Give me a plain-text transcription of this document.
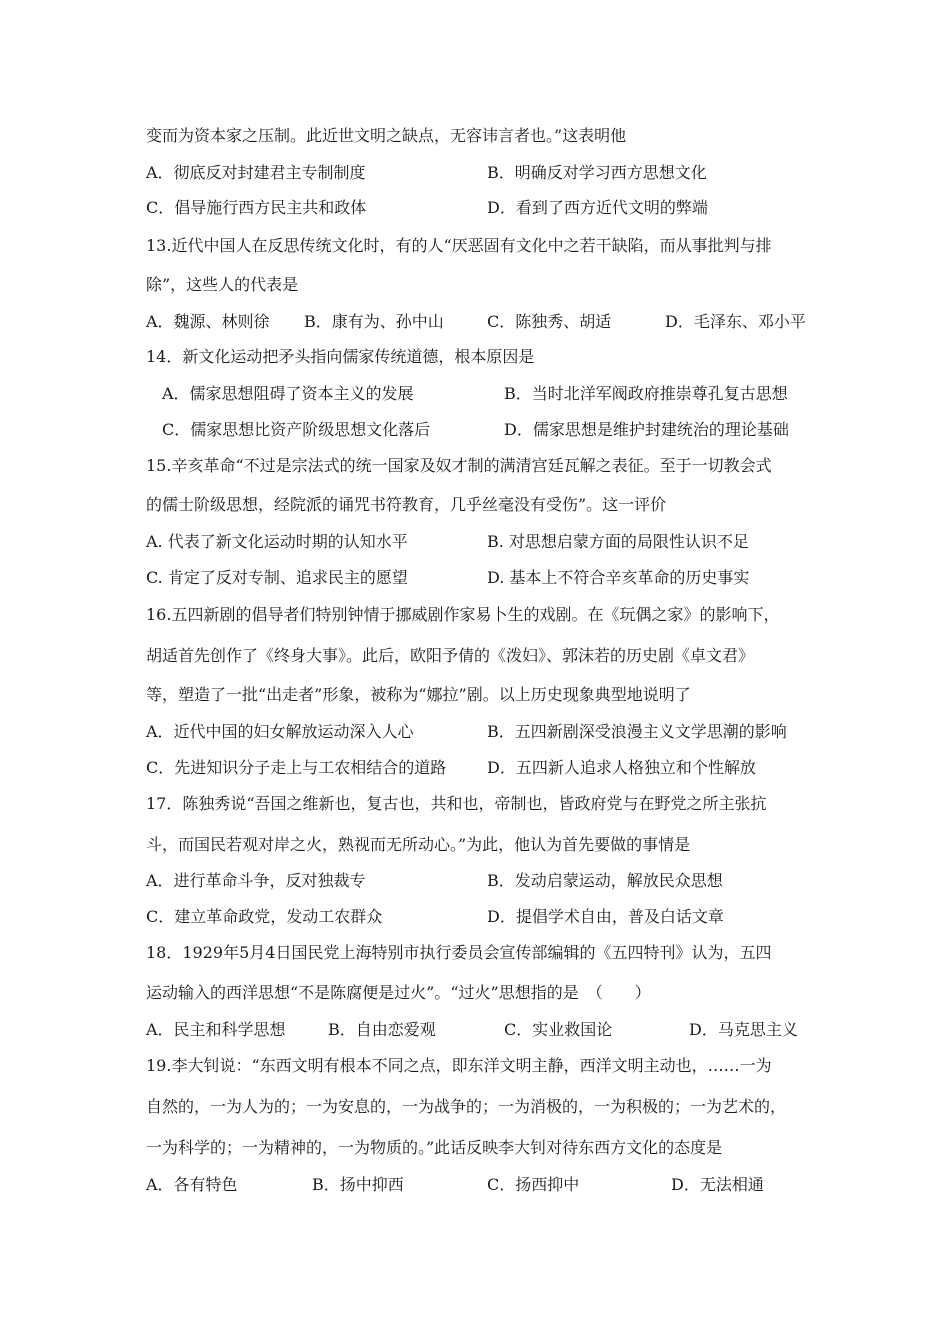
变而为资本家之压制。此近世文明之缺点，无容讳言者也。”这表明他
A．彻底反对封建君主专制制度	B．明确反对学习西方思想文化
C．倡导施行西方民主共和政体	D．看到了西方近代文明的弊端
13.近代中国人在反思传统文化时，有的人“厌恶固有文化中之若干缺陷，而从事批判与排
除”，这些人的代表是
A．魏源、林则徐 B．康有为、孙中山	C．陈独秀、胡适	D．毛泽东、邓小平
14．新文化运动把矛头指向儒家传统道德，根本原因是
A．儒家思想阻碍了资本主义的发展	B．当时北洋军阀政府推崇尊孔复古思想
C．儒家思想比资产阶级思想文化落后	D．儒家思想是维护封建统治的理论基础
15.辛亥革命“不过是宗法式的统一国家及奴才制的满清宫廷瓦解之表征。至于一切教会式
的儒士阶级思想，经院派的诵咒书符教育，几乎丝毫没有受伤”。这一评价
A. 代表了新文化运动时期的认知水平	B. 对思想启蒙方面的局限性认识不足
C. 肯定了反对专制、追求民主的愿望	D. 基本上不符合辛亥革命的历史事实
16.五四新剧的倡导者们特别钟情于挪威剧作家易卜生的戏剧。在《玩偶之家》的影响下，
胡适首先创作了《终身大事》。此后，欧阳予倩的《泼妇》、郭沫若的历史剧《卓文君》
等，塑造了一批“出走者”形象，被称为“娜拉”剧。以上历史现象典型地说明了
A．近代中国的妇女解放运动深入人心	B．五四新剧深受浪漫主义文学思潮的影响
C．先进知识分子走上与工农相结合的道路	D．五四新人追求人格独立和个性解放
17．陈独秀说“吾国之维新也，复古也，共和也，帝制也，皆政府党与在野党之所主张抗
斗，而国民若观对岸之火，熟视而无所动心。”为此，他认为首先要做的事情是
A．进行革命斗争，反对独裁专	B．发动启蒙运动，解放民众思想
C．建立革命政党，发动工农群众	D．提倡学术自由，普及白话文章
18．1929年5月4日国民党上海特别市执行委员会宣传部编辑的《五四特刊》认为，五四
运动输入的西洋思想“不是陈腐便是过火”。“过火”思想指的是　（　　）
A．民主和科学思想	B．自由恋爱观	C．实业救国论	D．马克思主义
19.李大钊说：“东西文明有根本不同之点，即东洋文明主静，西洋文明主动也，……一为
自然的，一为人为的；一为安息的，一为战争的；一为消极的，一为积极的；一为艺术的，
一为科学的；一为精神的，一为物质的。”此话反映李大钊对待东西方文化的态度是
A．各有特色	B．扬中抑西	C．扬西抑中	D．无法相通
